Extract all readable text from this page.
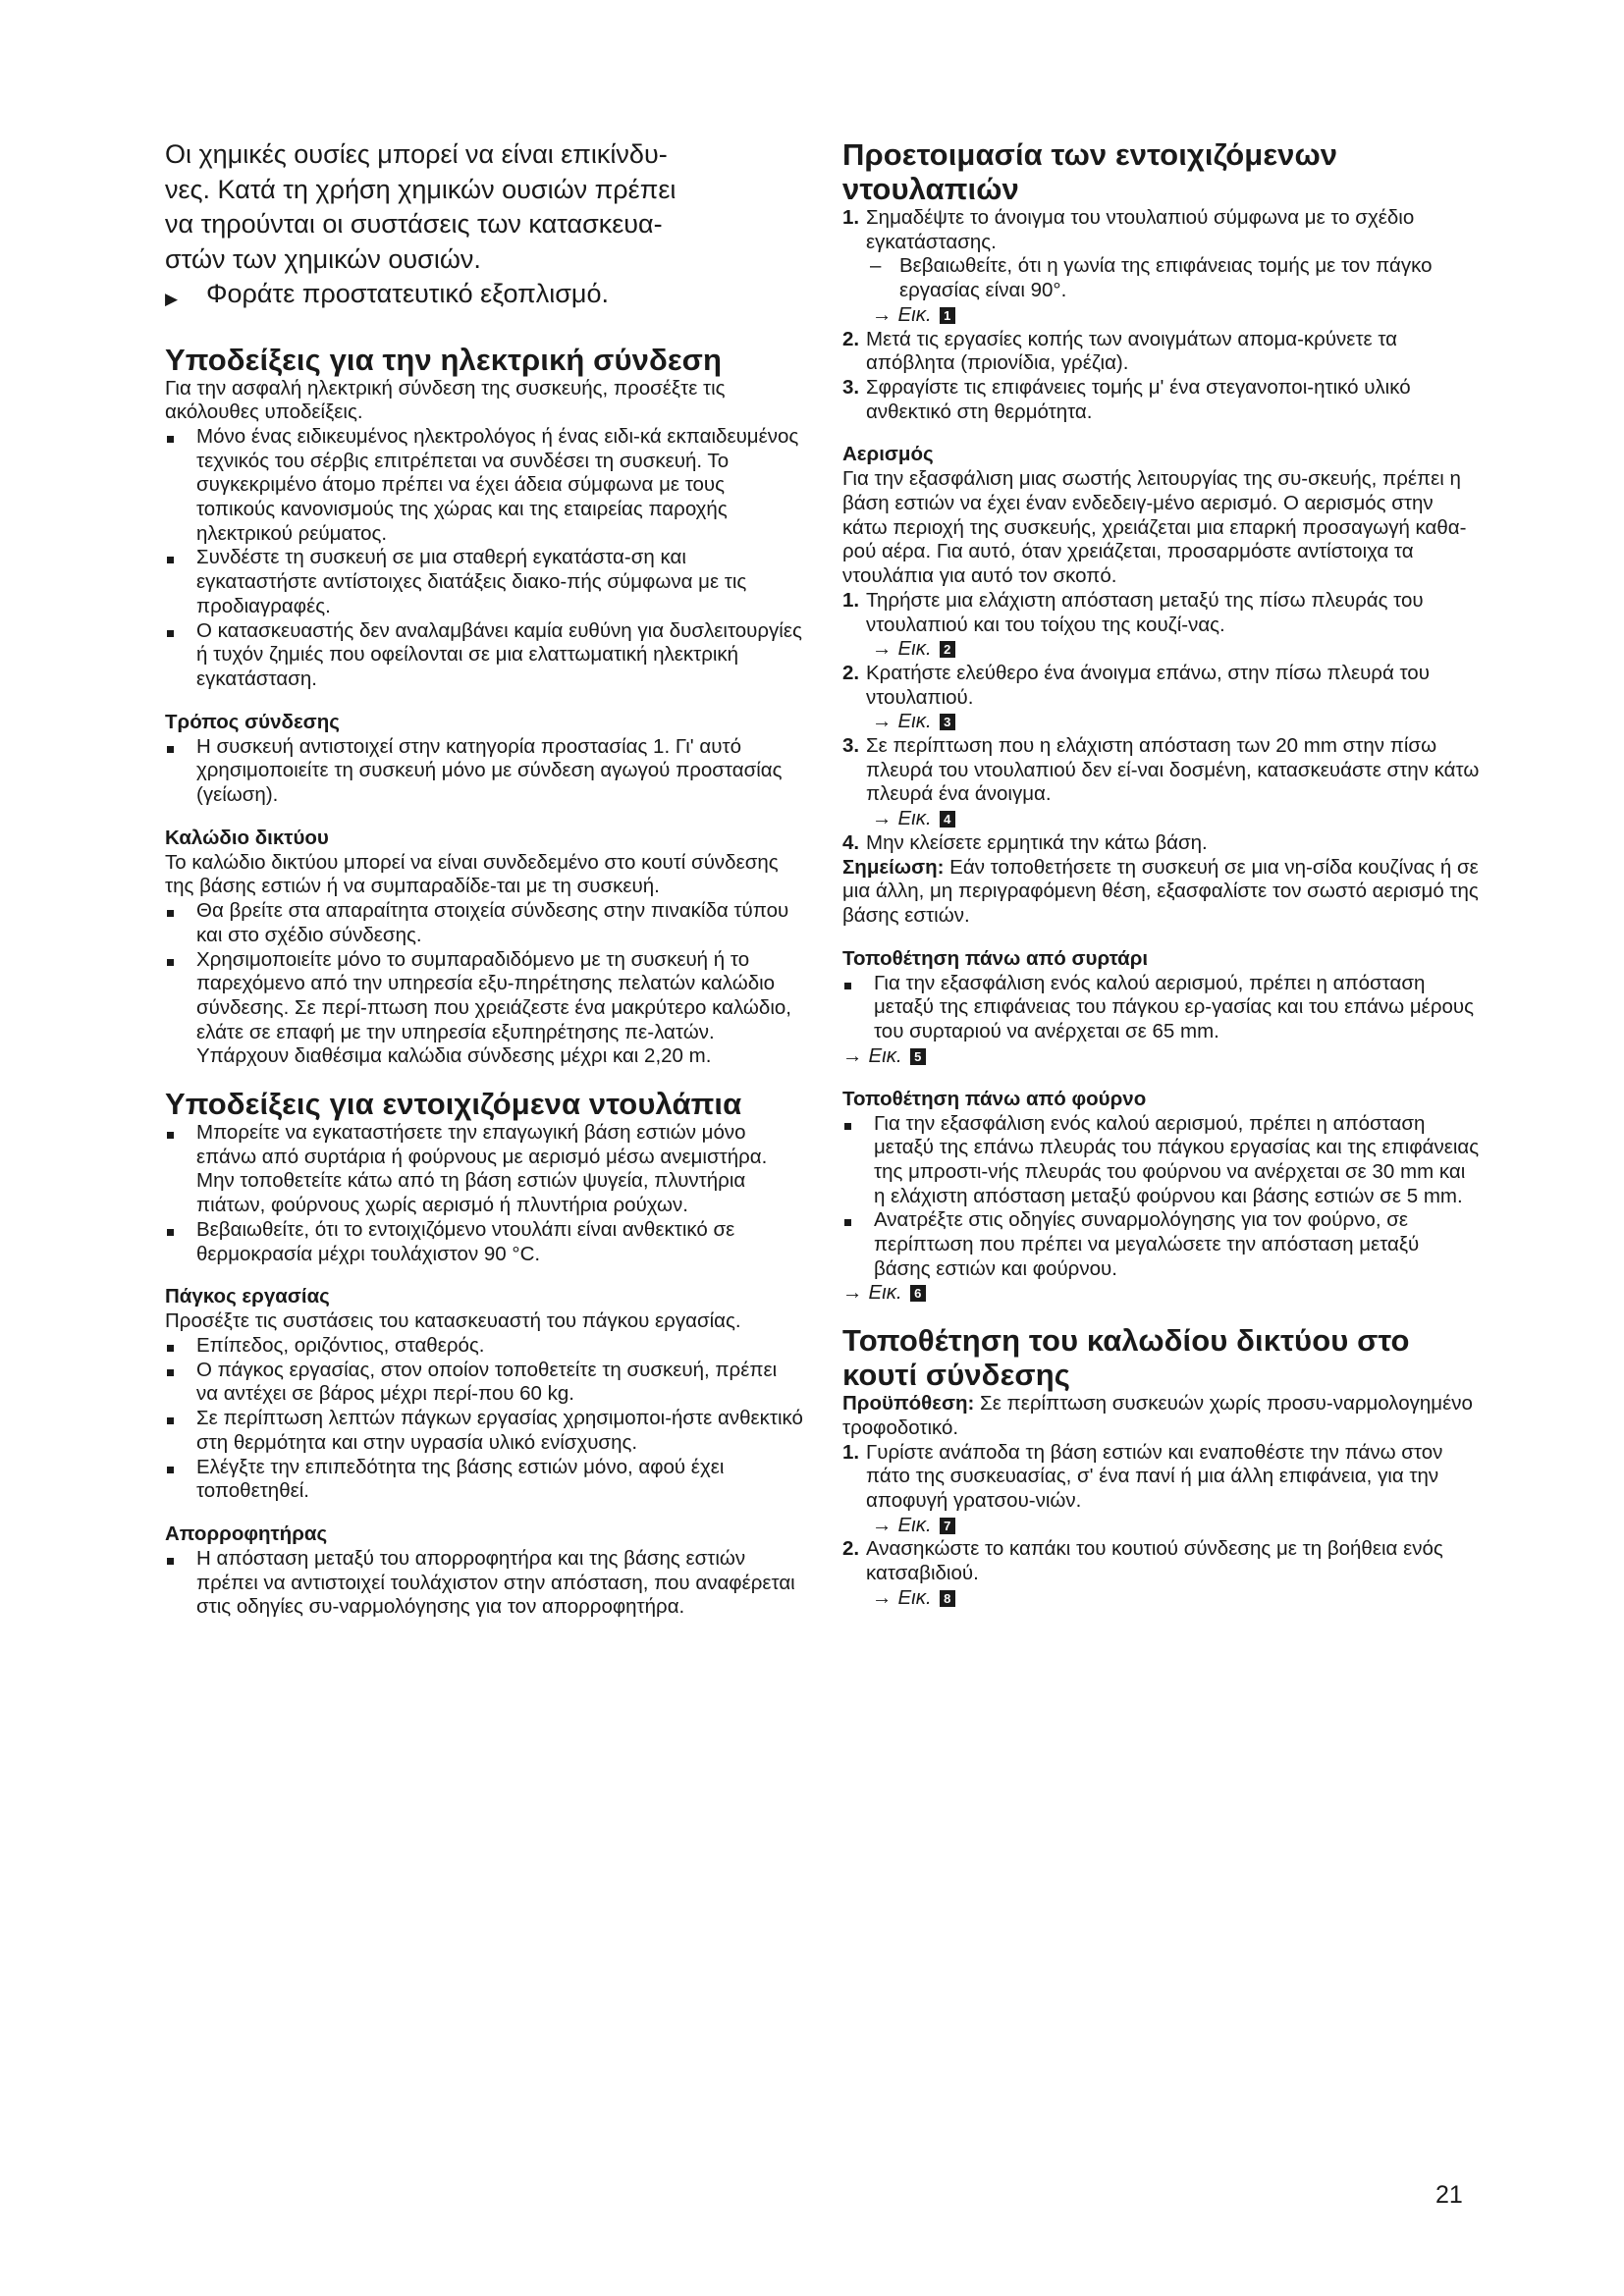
Οι χημικές ουσίες μπορεί να είναι επικίνδυ-

νες. Κατά τη χρήση χημικών ουσιών πρέπει

να τηρούνται οι συστάσεις των κατασκευα-

στών των χημικών ουσιών.

▶	Φοράτε προστατευτικό εξοπλισμό.
Υποδείξεις για την ηλεκτρική σύνδεση

Για την ασφαλή ηλεκτρική σύνδεση της συσκευής, προσέξτε τις ακόλουθες υποδείξεις.

Μόνο ένας ειδικευμένος ηλεκτρολόγος ή ένας ειδι-κά εκπαιδευμένος τεχνικός του σέρβις επιτρέπεται να συνδέσει τη συσκευή. Το συγκεκριμένο άτομο πρέπει να έχει άδεια σύμφωνα με τους τοπικούς κανονισμούς της χώρας και της εταιρείας παροχής ηλεκτρικού ρεύματος.
Συνδέστε τη συσκευή σε μια σταθερή εγκατάστα-ση και εγκαταστήστε αντίστοιχες διατάξεις διακο-πής σύμφωνα με τις προδιαγραφές.
Ο κατασκευαστής δεν αναλαμβάνει καμία ευθύνη για δυσλειτουργίες ή τυχόν ζημιές που οφείλονται σε μια ελαττωματική ηλεκτρική εγκατάσταση.
Τρόπος σύνδεσης
Η συσκευή αντιστοιχεί στην κατηγορία προστασίας 1. Γι' αυτό χρησιμοποιείτε τη συσκευή μόνο με σύνδεση αγωγού προστασίας (γείωση).
Καλώδιο δικτύου

Το καλώδιο δικτύου μπορεί να είναι συνδεδεμένο στο κουτί σύνδεσης της βάσης εστιών ή να συμπαραδίδε-ται με τη συσκευή.

Θα βρείτε στα απαραίτητα στοιχεία σύνδεσης στην πινακίδα τύπου και στο σχέδιο σύνδεσης.
Χρησιμοποιείτε μόνο το συμπαραδιδόμενο με τη συσκευή ή το παρεχόμενο από την υπηρεσία εξυ-πηρέτησης πελατών καλώδιο σύνδεσης. Σε περί-πτωση που χρειάζεστε ένα μακρύτερο καλώδιο, ελάτε σε επαφή με την υπηρεσία εξυπηρέτησης πε-λατών. Υπάρχουν διαθέσιμα καλώδια σύνδεσης μέχρι και 2,20 m.
Υποδείξεις για εντοιχιζόμενα ντουλάπια
Μπορείτε να εγκαταστήσετε την επαγωγική βάση εστιών μόνο επάνω από συρτάρια ή φούρνους με αερισμό μέσω ανεμιστήρα. Μην τοποθετείτε κάτω από τη βάση εστιών ψυγεία, πλυντήρια πιάτων, φούρνους χωρίς αερισμό ή πλυντήρια ρούχων.
Βεβαιωθείτε, ότι το εντοιχιζόμενο ντουλάπι είναι ανθεκτικό σε θερμοκρασία μέχρι τουλάχιστον 90 °C.
Πάγκος εργασίας

Προσέξτε τις συστάσεις του κατασκευαστή του πάγκου εργασίας.

Επίπεδος, οριζόντιος, σταθερός.
Ο πάγκος εργασίας, στον οποίον τοποθετείτε τη συσκευή, πρέπει να αντέχει σε βάρος μέχρι περί-που 60 kg.
Σε περίπτωση λεπτών πάγκων εργασίας χρησιμοποι-ήστε ανθεκτικό στη θερμότητα και στην υγρασία υλικό ενίσχυσης.
Ελέγξτε την επιπεδότητα της βάσης εστιών μόνο, αφού έχει τοποθετηθεί.
Απορροφητήρας
Η απόσταση μεταξύ του απορροφητήρα και της βάσης εστιών πρέπει να αντιστοιχεί τουλάχιστον στην απόσταση, που αναφέρεται στις οδηγίες συ-ναρμολόγησης για τον απορροφητήρα.
Προετοιμασία των εντοιχιζόμενων ντουλαπιών
1. Σημαδέψτε το άνοιγμα του ντουλαπιού σύμφωνα με το σχέδιο εγκατάστασης.
– Βεβαιωθείτε, ότι η γωνία της επιφάνειας τομής με τον πάγκο εργασίας είναι 90°.
→ Εικ. 1
2. Μετά τις εργασίες κοπής των ανοιγμάτων απομα-κρύνετε τα απόβλητα (πριονίδια, γρέζια).
3. Σφραγίστε τις επιφάνειες τομής μ' ένα στεγανοποι-ητικό υλικό ανθεκτικό στη θερμότητα.
Αερισμός

Για την εξασφάλιση μιας σωστής λειτουργίας της συ-σκευής, πρέπει η βάση εστιών να έχει έναν ενδεδειγ-μένο αερισμό. Ο αερισμός στην κάτω περιοχή της συσκευής, χρειάζεται μια επαρκή προσαγωγή καθα-ρού αέρα. Για αυτό, όταν χρειάζεται, προσαρμόστε αντίστοιχα τα ντουλάπια για αυτό τον σκοπό.

1. Τηρήστε μια ελάχιστη απόσταση μεταξύ της πίσω πλευράς του ντουλαπιού και του τοίχου της κουζί-νας.
→ Εικ. 2
2. Κρατήστε ελεύθερο ένα άνοιγμα επάνω, στην πίσω πλευρά του ντουλαπιού.
→ Εικ. 3
3. Σε περίπτωση που η ελάχιστη απόσταση των 20 mm στην πίσω πλευρά του ντουλαπιού δεν εί-ναι δοσμένη, κατασκευάστε στην κάτω πλευρά ένα άνοιγμα.
→ Εικ. 4
4. Μην κλείσετε ερμητικά την κάτω βάση.

Σημείωση: Εάν τοποθετήσετε τη συσκευή σε μια νη-σίδα κουζίνας ή σε μια άλλη, μη περιγραφόμενη θέση, εξασφαλίστε τον σωστό αερισμό της βάσης εστιών.

Τοποθέτηση πάνω από συρτάρι
Για την εξασφάλιση ενός καλού αερισμού, πρέπει η απόσταση μεταξύ της επιφάνειας του πάγκου ερ-γασίας και του επάνω μέρους του συρταριού να ανέρχεται σε 65 mm.
→ Εικ. 5
Τοποθέτηση πάνω από φούρνο
Για την εξασφάλιση ενός καλού αερισμού, πρέπει η απόσταση μεταξύ της επάνω πλευράς του πάγκου εργασίας και της επιφάνειας της μπροστι-νής πλευράς του φούρνου να ανέρχεται σε 30 mm και η ελάχιστη απόσταση μεταξύ φούρνου και βάσης εστιών σε 5 mm.
Ανατρέξτε στις οδηγίες συναρμολόγησης για τον φούρνο, σε περίπτωση που πρέπει να μεγαλώσετε την απόσταση μεταξύ βάσης εστιών και φούρνου.
→ Εικ. 6
Τοποθέτηση του καλωδίου δικτύου στο κουτί σύνδεσης

Προϋπόθεση: Σε περίπτωση συσκευών χωρίς προσυ-ναρμολογημένο τροφοδοτικό.

1. Γυρίστε ανάποδα τη βάση εστιών και εναποθέστε την πάνω στον πάτο της συσκευασίας, σ' ένα πανί ή μια άλλη επιφάνεια, για την αποφυγή γρατσου-νιών.
→ Εικ. 7
2. Ανασηκώστε το καπάκι του κουτιού σύνδεσης με τη βοήθεια ενός κατσαβιδιού.
→ Εικ. 8
21
